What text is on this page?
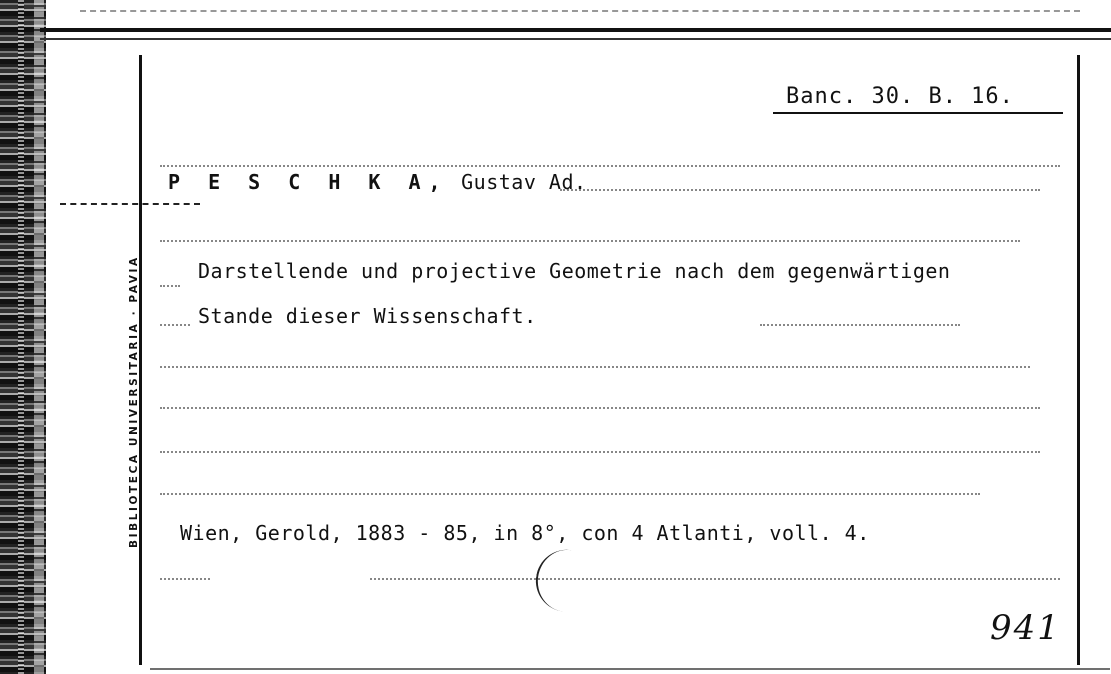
BIBLIOTECA UNIVERSITARIA · PAVIA
Banc. 30. B. 16.
P E S C H K A, Gustav Ad.
Darstellende und projective Geometrie nach dem gegenwärtigen
Stande dieser Wissenschaft.
Wien, Gerold, 1883 - 85, in 8°, con 4 Atlanti, voll. 4.
941
